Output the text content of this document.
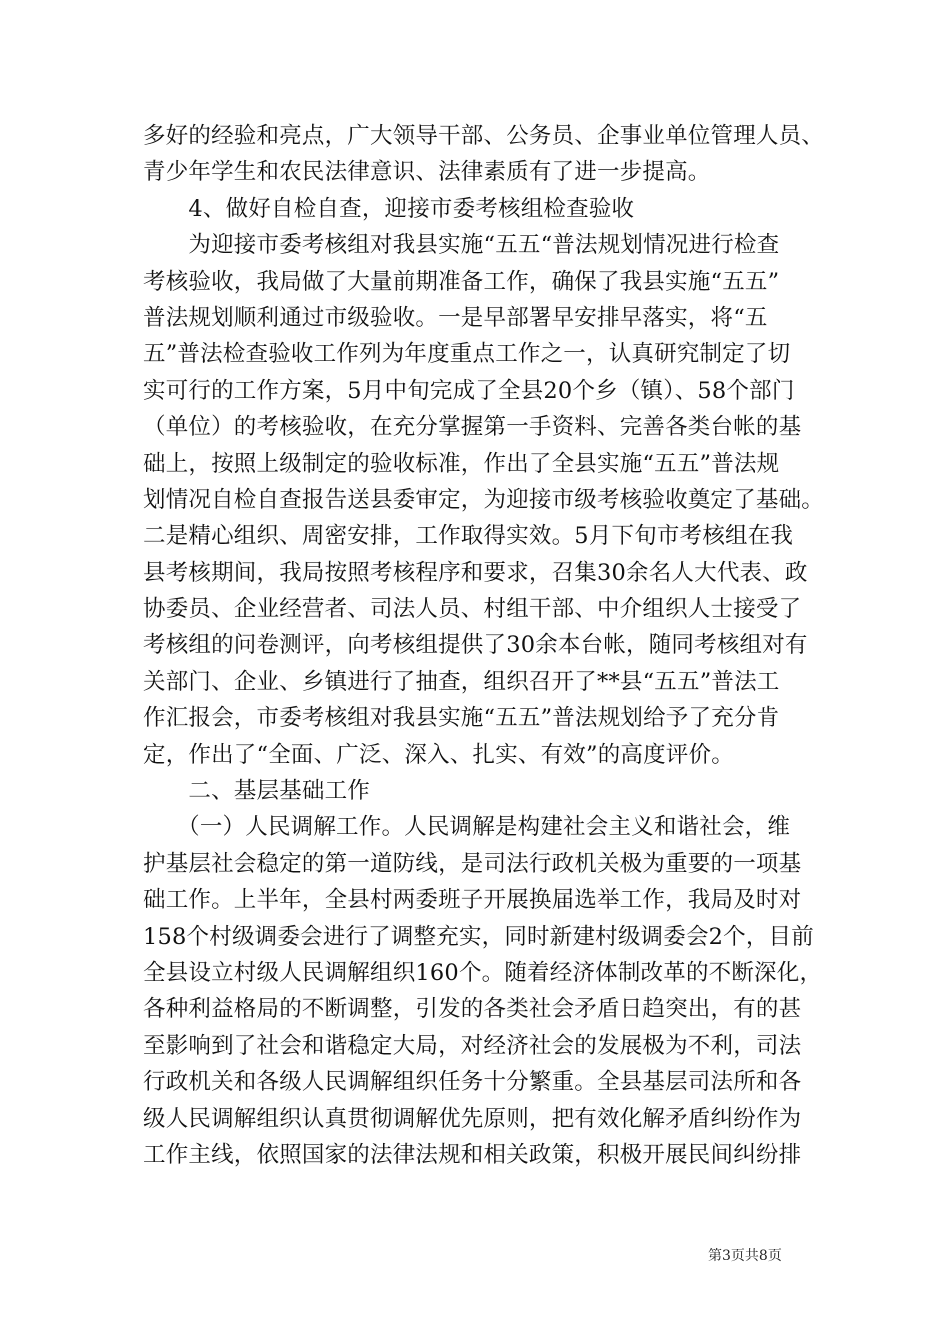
多好的经验和亮点，广大领导干部、公务员、企事业单位管理人员、
青少年学生和农民法律意识、法律素质有了进一步提高。
　　4、做好自检自查，迎接市委考核组检查验收
　　为迎接市委考核组对我县实施“五五“普法规划情况进行检查
考核验收，我局做了大量前期准备工作，确保了我县实施“五五”
普法规划顺利通过市级验收。一是早部署早安排早落实，将“五
五”普法检查验收工作列为年度重点工作之一，认真研究制定了切
实可行的工作方案，5月中旬完成了全县20个乡（镇）、58个部门
（单位）的考核验收，在充分掌握第一手资料、完善各类台帐的基
础上，按照上级制定的验收标准，作出了全县实施“五五”普法规
划情况自检自查报告送县委审定，为迎接市级考核验收奠定了基础。
二是精心组织、周密安排，工作取得实效。5月下旬市考核组在我
县考核期间，我局按照考核程序和要求，召集30余名人大代表、政
协委员、企业经营者、司法人员、村组干部、中介组织人士接受了
考核组的问卷测评，向考核组提供了30余本台帐，随同考核组对有
关部门、企业、乡镇进行了抽查，组织召开了**县“五五”普法工
作汇报会，市委考核组对我县实施“五五”普法规划给予了充分肯
定，作出了“全面、广泛、深入、扎实、有效”的高度评价。
　　二、基层基础工作
　　（一）人民调解工作。人民调解是构建社会主义和谐社会，维
护基层社会稳定的第一道防线，是司法行政机关极为重要的一项基
础工作。上半年，全县村两委班子开展换届选举工作，我局及时对
158个村级调委会进行了调整充实，同时新建村级调委会2个，目前
全县设立村级人民调解组织160个。随着经济体制改革的不断深化，
各种利益格局的不断调整，引发的各类社会矛盾日趋突出，有的甚
至影响到了社会和谐稳定大局，对经济社会的发展极为不利，司法
行政机关和各级人民调解组织任务十分繁重。全县基层司法所和各
级人民调解组织认真贯彻调解优先原则，把有效化解矛盾纠纷作为
工作主线，依照国家的法律法规和相关政策，积极开展民间纠纷排
第3页共8页
